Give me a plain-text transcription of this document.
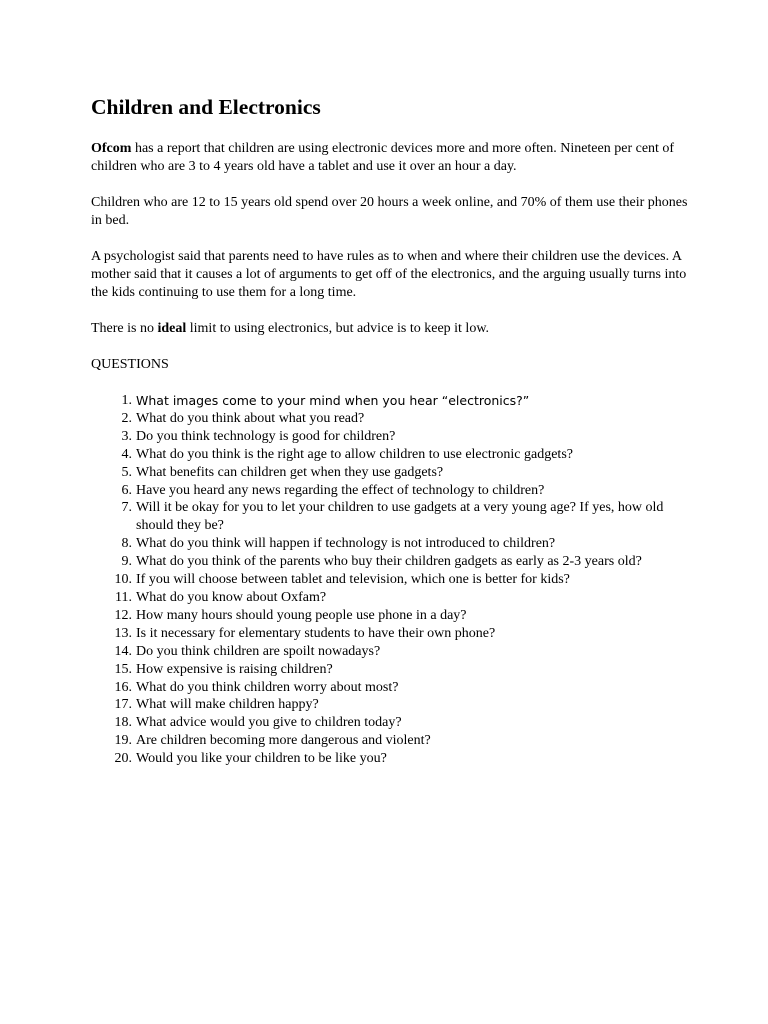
Children and Electronics

Ofcom has a report that children are using electronic devices more and more often. Nineteen per cent of children who are 3 to 4 years old have a tablet and use it over an hour a day.

Children who are 12 to 15 years old spend over 20 hours a week online, and 70% of them use their phones in bed.

A psychologist said that parents need to have rules as to when and where their children use the devices. A mother said that it causes a lot of arguments to get off of the electronics, and the arguing usually turns into the kids continuing to use them for a long time.

There is no ideal limit to using electronics, but advice is to keep it low.

QUESTIONS

1. What images come to your mind when you hear “electronics?”
2. What do you think about what you read?
3. Do you think technology is good for children?
4. What do you think is the right age to allow children to use electronic gadgets?
5. What benefits can children get when they use gadgets?
6. Have you heard any news regarding the effect of technology to children?
7. Will it be okay for you to let your children to use gadgets at a very young age? If yes, how old should they be?
8. What do you think will happen if technology is not introduced to children?
9. What do you think of the parents who buy their children gadgets as early as 2-3 years old?
10. If you will choose between tablet and television, which one is better for kids?
11. What do you know about Oxfam?
12. How many hours should young people use phone in a day?
13. Is it necessary for elementary students to have their own phone?
14. Do you think children are spoilt nowadays?
15. How expensive is raising children?
16. What do you think children worry about most?
17. What will make children happy?
18. What advice would you give to children today?
19. Are children becoming more dangerous and violent?
20. Would you like your children to be like you?
